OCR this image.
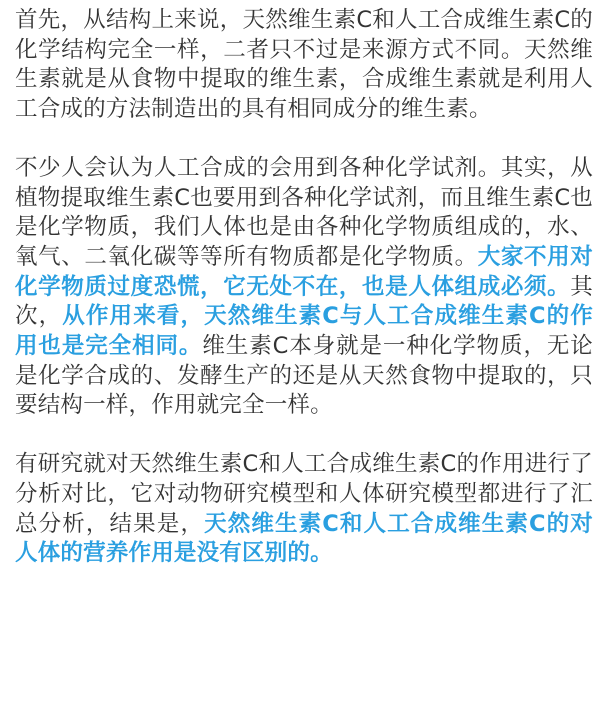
首先，从结构上来说，天然维生素C和人工合成维生素C的化学结构完全一样，二者只不过是来源方式不同。天然维生素就是从食物中提取的维生素，合成维生素就是利用人工合成的方法制造出的具有相同成分的维生素。

不少人会认为人工合成的会用到各种化学试剂。其实，从植物提取维生素C也要用到各种化学试剂，而且维生素C也是化学物质，我们人体也是由各种化学物质组成的，水、氧气、二氧化碳等等所有物质都是化学物质。大家不用对化学物质过度恐慌，它无处不在，也是人体组成必须。其次，从作用来看，天然维生素C与人工合成维生素C的作用也是完全相同。维生素C本身就是一种化学物质，无论是化学合成的、发酵生产的还是从天然食物中提取的，只要结构一样，作用就完全一样。

有研究就对天然维生素C和人工合成维生素C的作用进行了分析对比，它对动物研究模型和人体研究模型都进行了汇总分析，结果是，天然维生素C和人工合成维生素C的对人体的营养作用是没有区别的。
